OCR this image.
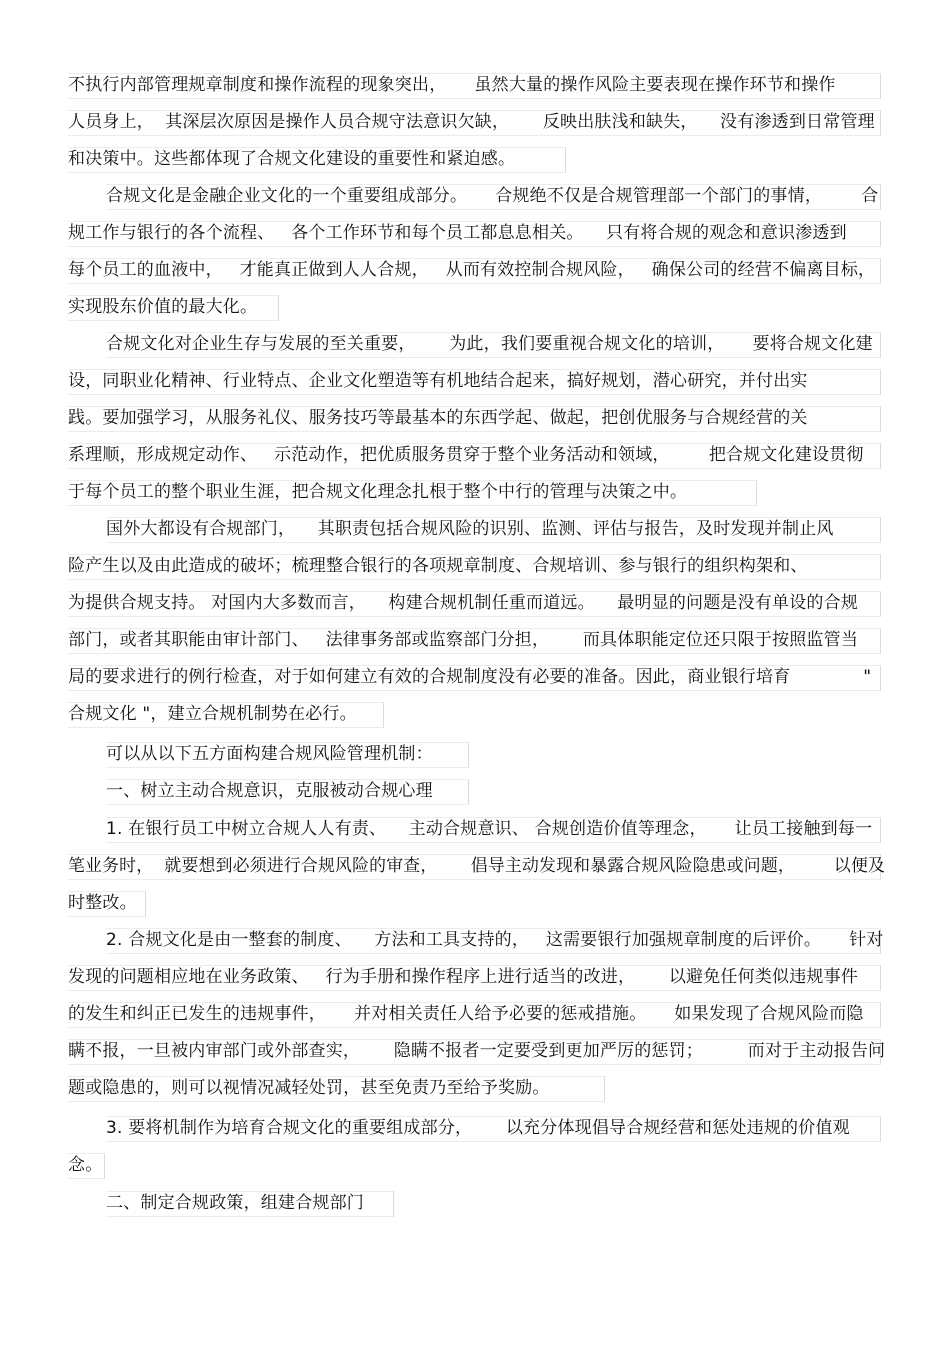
不执行内部管理规章制度和操作流程的现象突出，     虽然大量的操作风险主要表现在操作环节和操作
人员身上，  其深层次原因是操作人员合规守法意识欠缺，      反映出肤浅和缺失，    没有渗透到日常管理
和决策中。这些都体现了合规文化建设的重要性和紧迫感。
合规文化是金融企业文化的一个重要组成部分。     合规绝不仅是合规管理部一个部门的事情，       合
规工作与银行的各个流程、   各个工作环节和每个员工都息息相关。    只有将合规的观念和意识渗透到
每个员工的血液中，   才能真正做到人人合规，   从而有效控制合规风险，   确保公司的经营不偏离目标，
实现股东价值的最大化。
合规文化对企业生存与发展的至关重要，      为此，我们要重视合规文化的培训，     要将合规文化建
设，同职业化精神、行业特点、企业文化塑造等有机地结合起来，搞好规划，潜心研究，并付出实
践。要加强学习，从服务礼仪、服务技巧等最基本的东西学起、做起，把创优服务与合规经营的关
系理顺，形成规定动作、   示范动作，把优质服务贯穿于整个业务活动和领域，       把合规文化建设贯彻
于每个员工的整个职业生涯，把合规文化理念扎根于整个中行的管理与决策之中。
国外大都设有合规部门，    其职责包括合规风险的识别、监测、评估与报告，及时发现并制止风
险产生以及由此造成的破坏；梳理整合银行的各项规章制度、合规培训、参与银行的组织构架和、
为提供合规支持。 对国内大多数而言，    构建合规机制任重而道远。    最明显的问题是没有单设的合规
部门，或者其职能由审计部门、   法律事务部或监察部门分担，      而具体职能定位还只限于按照监管当
局的要求进行的例行检查，对于如何建立有效的合规制度没有必要的准备。因此，商业银行培育             "
合规文化 "，建立合规机制势在必行。
可以从以下五方面构建合规风险管理机制：
一、树立主动合规意识，克服被动合规心理
1. 在银行员工中树立合规人人有责、    主动合规意识、 合规创造价值等理念，     让员工接触到每一
笔业务时，  就要想到必须进行合规风险的审查，      倡导主动发现和暴露合规风险隐患或问题，       以便及
时整改。
2. 合规文化是由一整套的制度、    方法和工具支持的，   这需要银行加强规章制度的后评价。     针对
发现的问题相应地在业务政策、   行为手册和操作程序上进行适当的改进，      以避免任何类似违规事件
的发生和纠正已发生的违规事件，     并对相关责任人给予必要的惩戒措施。     如果发现了合规风险而隐
瞒不报，一旦被内审部门或外部查实，      隐瞒不报者一定要受到更加严厉的惩罚；        而对于主动报告问
题或隐患的，则可以视情况减轻处罚，甚至免责乃至给予奖励。
3. 要将机制作为培育合规文化的重要组成部分，      以充分体现倡导合规经营和惩处违规的价值观
念。
二、制定合规政策，组建合规部门
